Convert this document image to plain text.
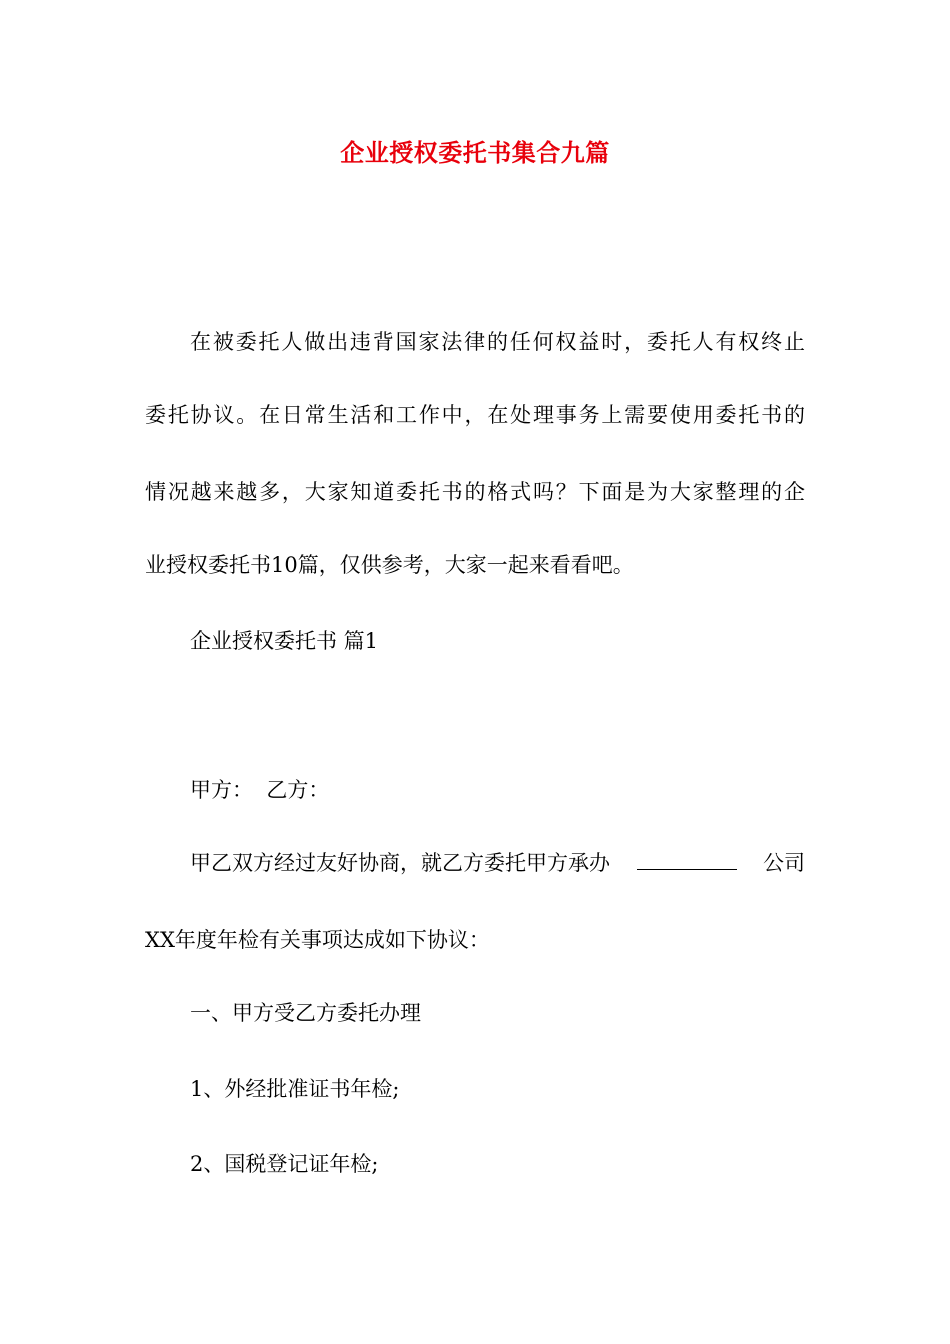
企业授权委托书集合九篇
在被委托人做出违背国家法律的任何权益时，委托人有权终止
委托协议。在日常生活和工作中，在处理事务上需要使用委托书的
情况越来越多，大家知道委托书的格式吗？下面是为大家整理的企
业授权委托书10篇，仅供参考，大家一起来看看吧。
企业授权委托书 篇1
甲方：  乙方：
甲乙双方经过友好协商，就乙方委托甲方承办	公司
XX年度年检有关事项达成如下协议：
一、甲方受乙方委托办理
1、外经批准证书年检;
2、国税登记证年检;
